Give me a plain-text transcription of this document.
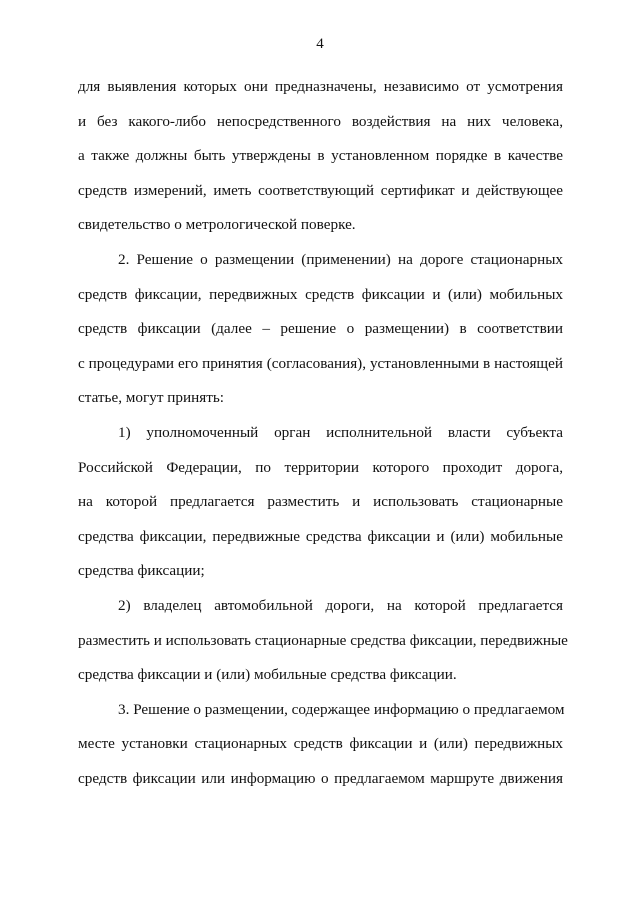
4
для выявления которых они предназначены, независимо от усмотрения
и без какого-либо непосредственного воздействия на них человека,
а также должны быть утверждены в установленном порядке в качестве
средств измерений, иметь соответствующий сертификат и действующее
свидетельство о метрологической поверке.
2. Решение о размещении (применении) на дороге стационарных
средств фиксации, передвижных средств фиксации и (или) мобильных
средств фиксации (далее – решение о размещении) в соответствии
с процедурами его принятия (согласования), установленными в настоящей
статье, могут принять:
1) уполномоченный орган исполнительной власти субъекта
Российской Федерации, по территории которого проходит дорога,
на которой предлагается разместить и использовать стационарные
средства фиксации, передвижные средства фиксации и (или) мобильные
средства фиксации;
2) владелец автомобильной дороги, на которой предлагается
разместить и использовать стационарные средства фиксации, передвижные
средства фиксации и (или) мобильные средства фиксации.
3. Решение о размещении, содержащее информацию о предлагаемом
месте установки стационарных средств фиксации и (или) передвижных
средств фиксации или информацию о предлагаемом маршруте движения
